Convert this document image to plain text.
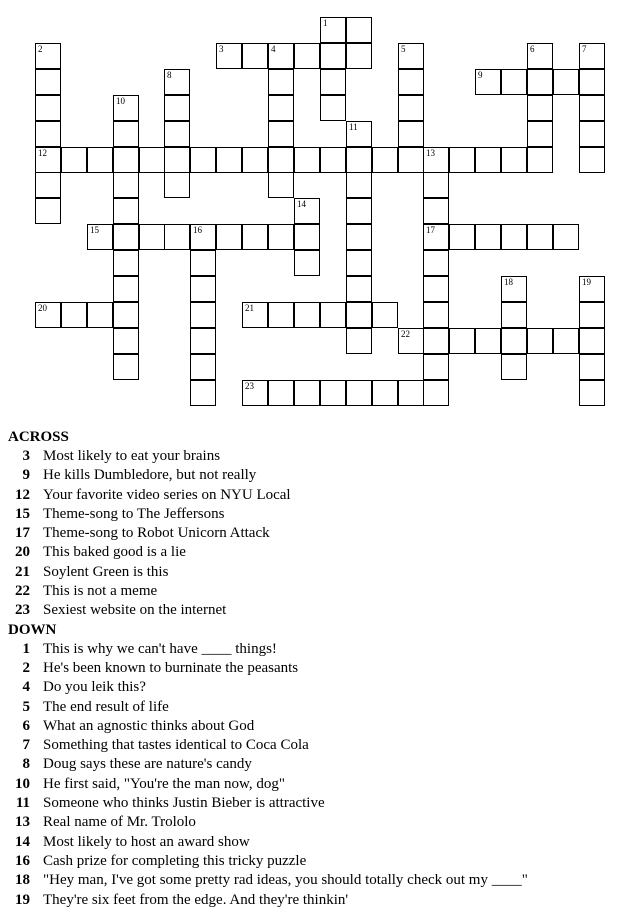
1
2	3	4	5	6	7
8	9
10
11
12	13
14
15	16	17
18	19
20	21
22
23
ACROSS
3 Most likely to eat your brains
9 He kills Dumbledore, but not really
12 Your favorite video series on NYU Local
15 Theme-song to The Jeffersons
17 Theme-song to Robot Unicorn Attack
20 This baked good is a lie
21 Soylent Green is this
22 This is not a meme
23 Sexiest website on the internet
DOWN
1 This is why we can't have ____ things!
2 He's been known to burninate the peasants
4 Do you leik this?
5 The end result of life
6 What an agnostic thinks about God
7 Something that tastes identical to Coca Cola
8 Doug says these are nature's candy
10 He first said, "You're the man now, dog"
11 Someone who thinks Justin Bieber is attractive
13 Real name of Mr. Trololo
14 Most likely to host an award show
16 Cash prize for completing this tricky puzzle
18 "Hey man, I've got some pretty rad ideas, you should totally check out my ____"
19 They're six feet from the edge. And they're thinkin'
